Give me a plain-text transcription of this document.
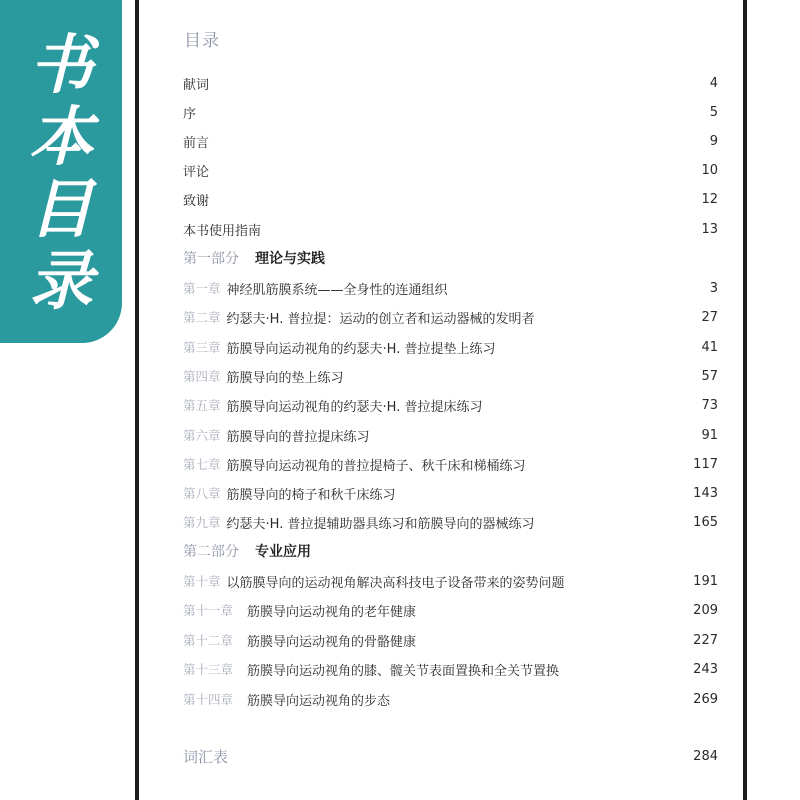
书
本
目
录
目录
献词	4
序	5
前言	9
评论	10
致谢	12
本书使用指南	13
第一部分 理论与实践
第一章 神经肌筋膜系统——全身性的连通组织	3
第二章 约瑟夫·H. 普拉提：运动的创立者和运动器械的发明者	27
第三章 筋膜导向运动视角的约瑟夫·H. 普拉提垫上练习	41
第四章 筋膜导向的垫上练习	57
第五章 筋膜导向运动视角的约瑟夫·H. 普拉提床练习	73
第六章 筋膜导向的普拉提床练习	91
第七章 筋膜导向运动视角的普拉提椅子、秋千床和梯桶练习	117
第八章 筋膜导向的椅子和秋千床练习	143
第九章 约瑟夫·H. 普拉提辅助器具练习和筋膜导向的器械练习	165
第二部分 专业应用
第十章 以筋膜导向的运动视角解决高科技电子设备带来的姿势问题	191
第十一章 筋膜导向运动视角的老年健康	209
第十二章 筋膜导向运动视角的骨骼健康	227
第十三章 筋膜导向运动视角的膝、髋关节表面置换和全关节置换	243
第十四章 筋膜导向运动视角的步态	269
词汇表	284
